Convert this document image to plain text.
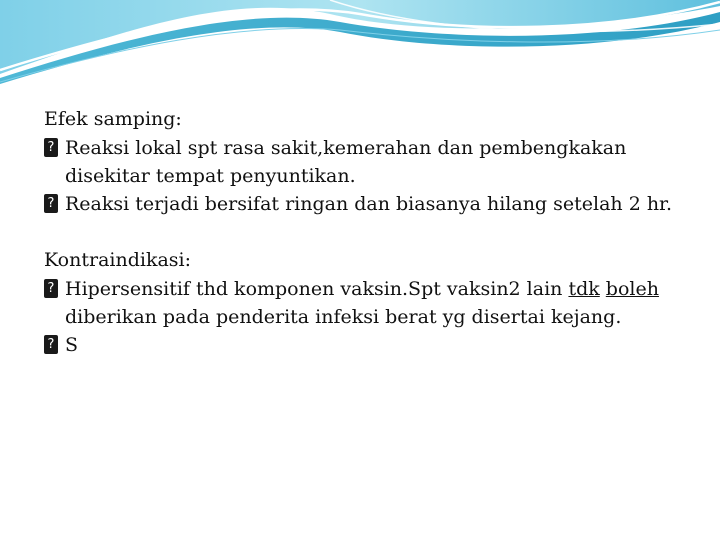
Efek samping:
? Reaksi lokal spt rasa sakit,kemerahan dan pembengkakan disekitar tempat penyuntikan.
? Reaksi terjadi bersifat ringan dan biasanya hilang setelah 2 hr.
Kontraindikasi:
? Hipersensitif thd komponen vaksin.Spt vaksin2 lain tdk boleh diberikan pada penderita infeksi berat yg disertai kejang.
? S
